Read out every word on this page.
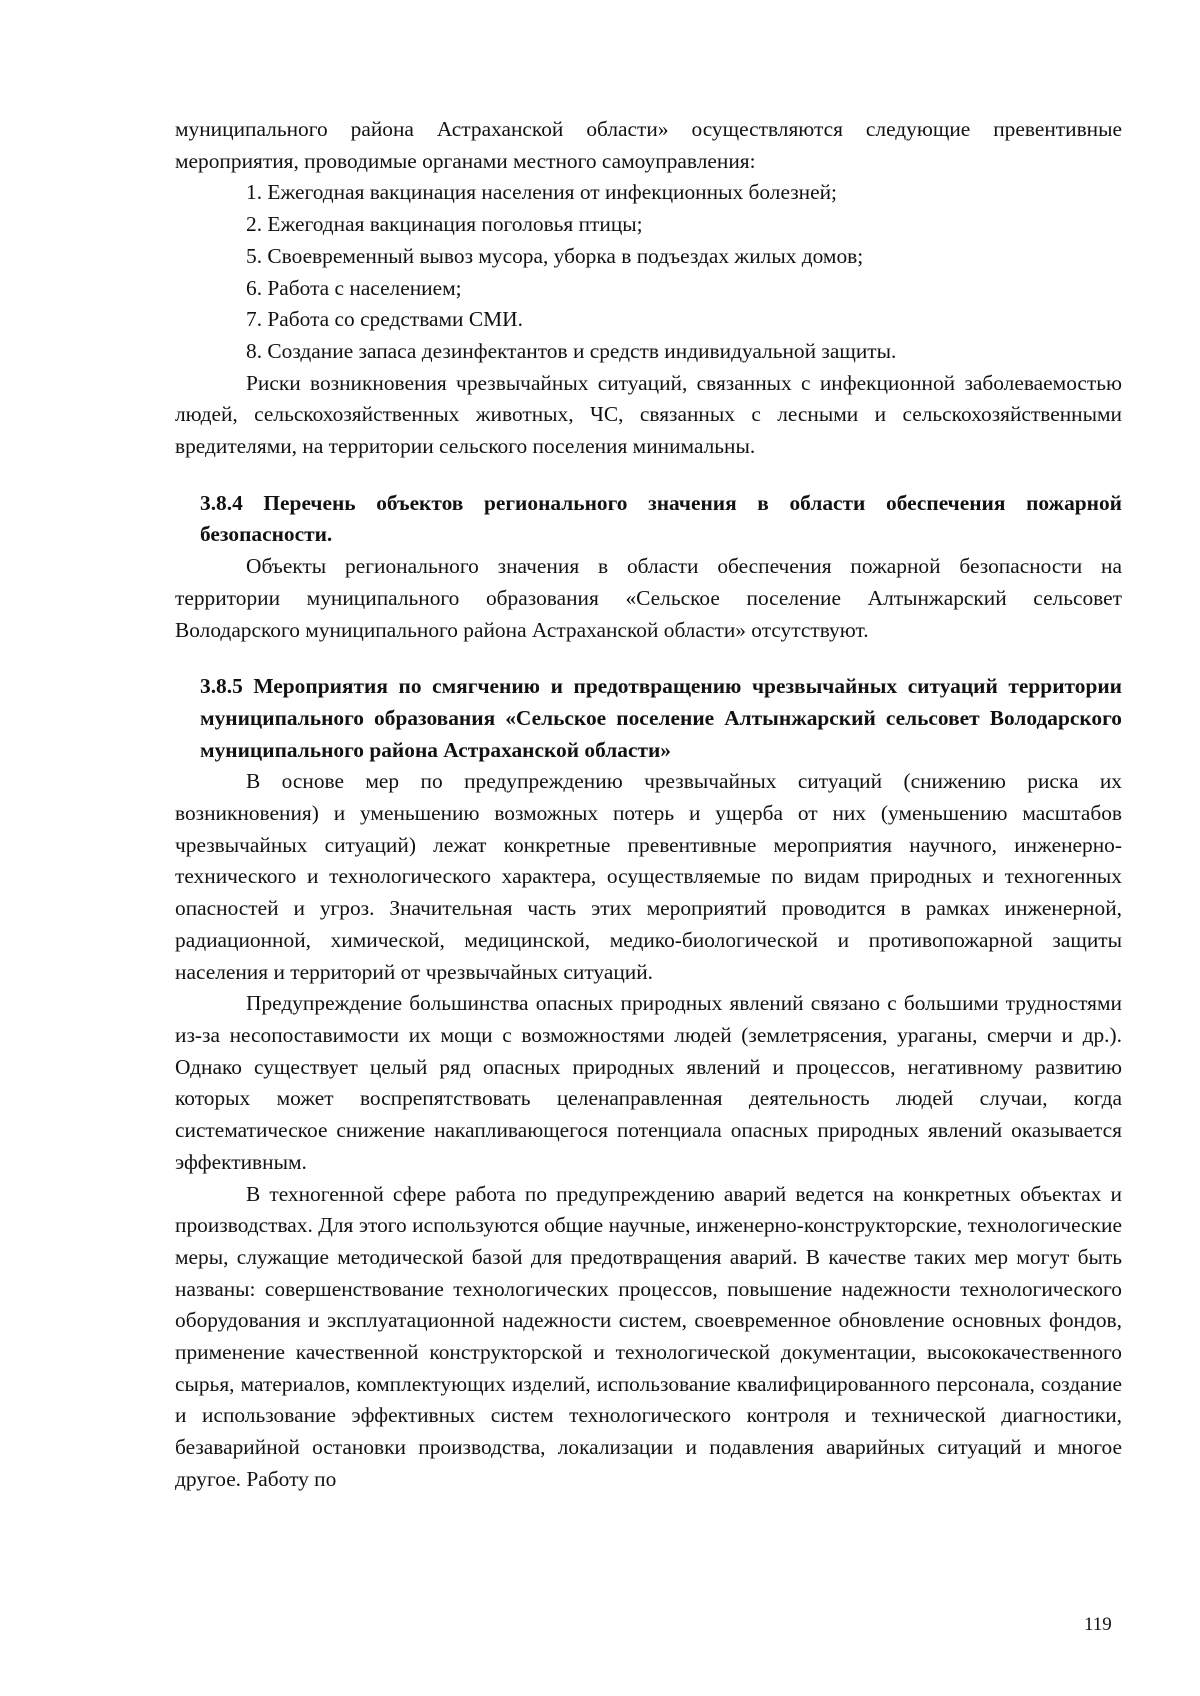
муниципального района Астраханской области» осуществляются следующие превентивные мероприятия, проводимые органами местного самоуправления:

1. Ежегодная вакцинация населения от инфекционных болезней;

2. Ежегодная вакцинация поголовья птицы;

5. Своевременный вывоз мусора, уборка в подъездах жилых домов;

6. Работа с населением;

7. Работа со средствами СМИ.

8. Создание запаса дезинфектантов и средств индивидуальной защиты.

Риски возникновения чрезвычайных ситуаций, связанных с инфекционной заболеваемостью людей, сельскохозяйственных животных, ЧС, связанных с лесными и сельскохозяйственными вредителями, на территории сельского поселения минимальны.

3.8.4 Перечень объектов регионального значения в области обеспечения пожарной безопасности.

Объекты регионального значения в области обеспечения пожарной безопасности на территории муниципального образования «Сельское поселение Алтынжарский сельсовет Володарского муниципального района Астраханской области» отсутствуют.

3.8.5 Мероприятия по смягчению и предотвращению чрезвычайных ситуаций территории муниципального образования «Сельское поселение Алтынжарский сельсовет Володарского муниципального района Астраханской области»

В основе мер по предупреждению чрезвычайных ситуаций (снижению риска их возникновения) и уменьшению возможных потерь и ущерба от них (уменьшению масштабов чрезвычайных ситуаций) лежат конкретные превентивные мероприятия научного, инженерно-технического и технологического характера, осуществляемые по видам природных и техногенных опасностей и угроз. Значительная часть этих мероприятий проводится в рамках инженерной, радиационной, химической, медицинской, медико-биологической и противопожарной защиты населения и территорий от чрезвычайных ситуаций.

Предупреждение большинства опасных природных явлений связано с большими трудностями из-за несопоставимости их мощи с возможностями людей (землетрясения, ураганы, смерчи и др.). Однако существует целый ряд опасных природных явлений и процессов, негативному развитию которых может воспрепятствовать целенаправленная деятельность людей случаи, когда систематическое снижение накапливающегося потенциала опасных природных явлений оказывается эффективным.

В техногенной сфере работа по предупреждению аварий ведется на конкретных объектах и производствах. Для этого используются общие научные, инженерно-конструкторские, технологические меры, служащие методической базой для предотвращения аварий. В качестве таких мер могут быть названы: совершенствование технологических процессов, повышение надежности технологического оборудования и эксплуатационной надежности систем, своевременное обновление основных фондов, применение качественной конструкторской и технологической документации, высококачественного сырья, материалов, комплектующих изделий, использование квалифицированного персонала, создание и использование эффективных систем технологического контроля и технической диагностики, безаварийной остановки производства, локализации и подавления аварийных ситуаций и многое другое. Работу по

119
